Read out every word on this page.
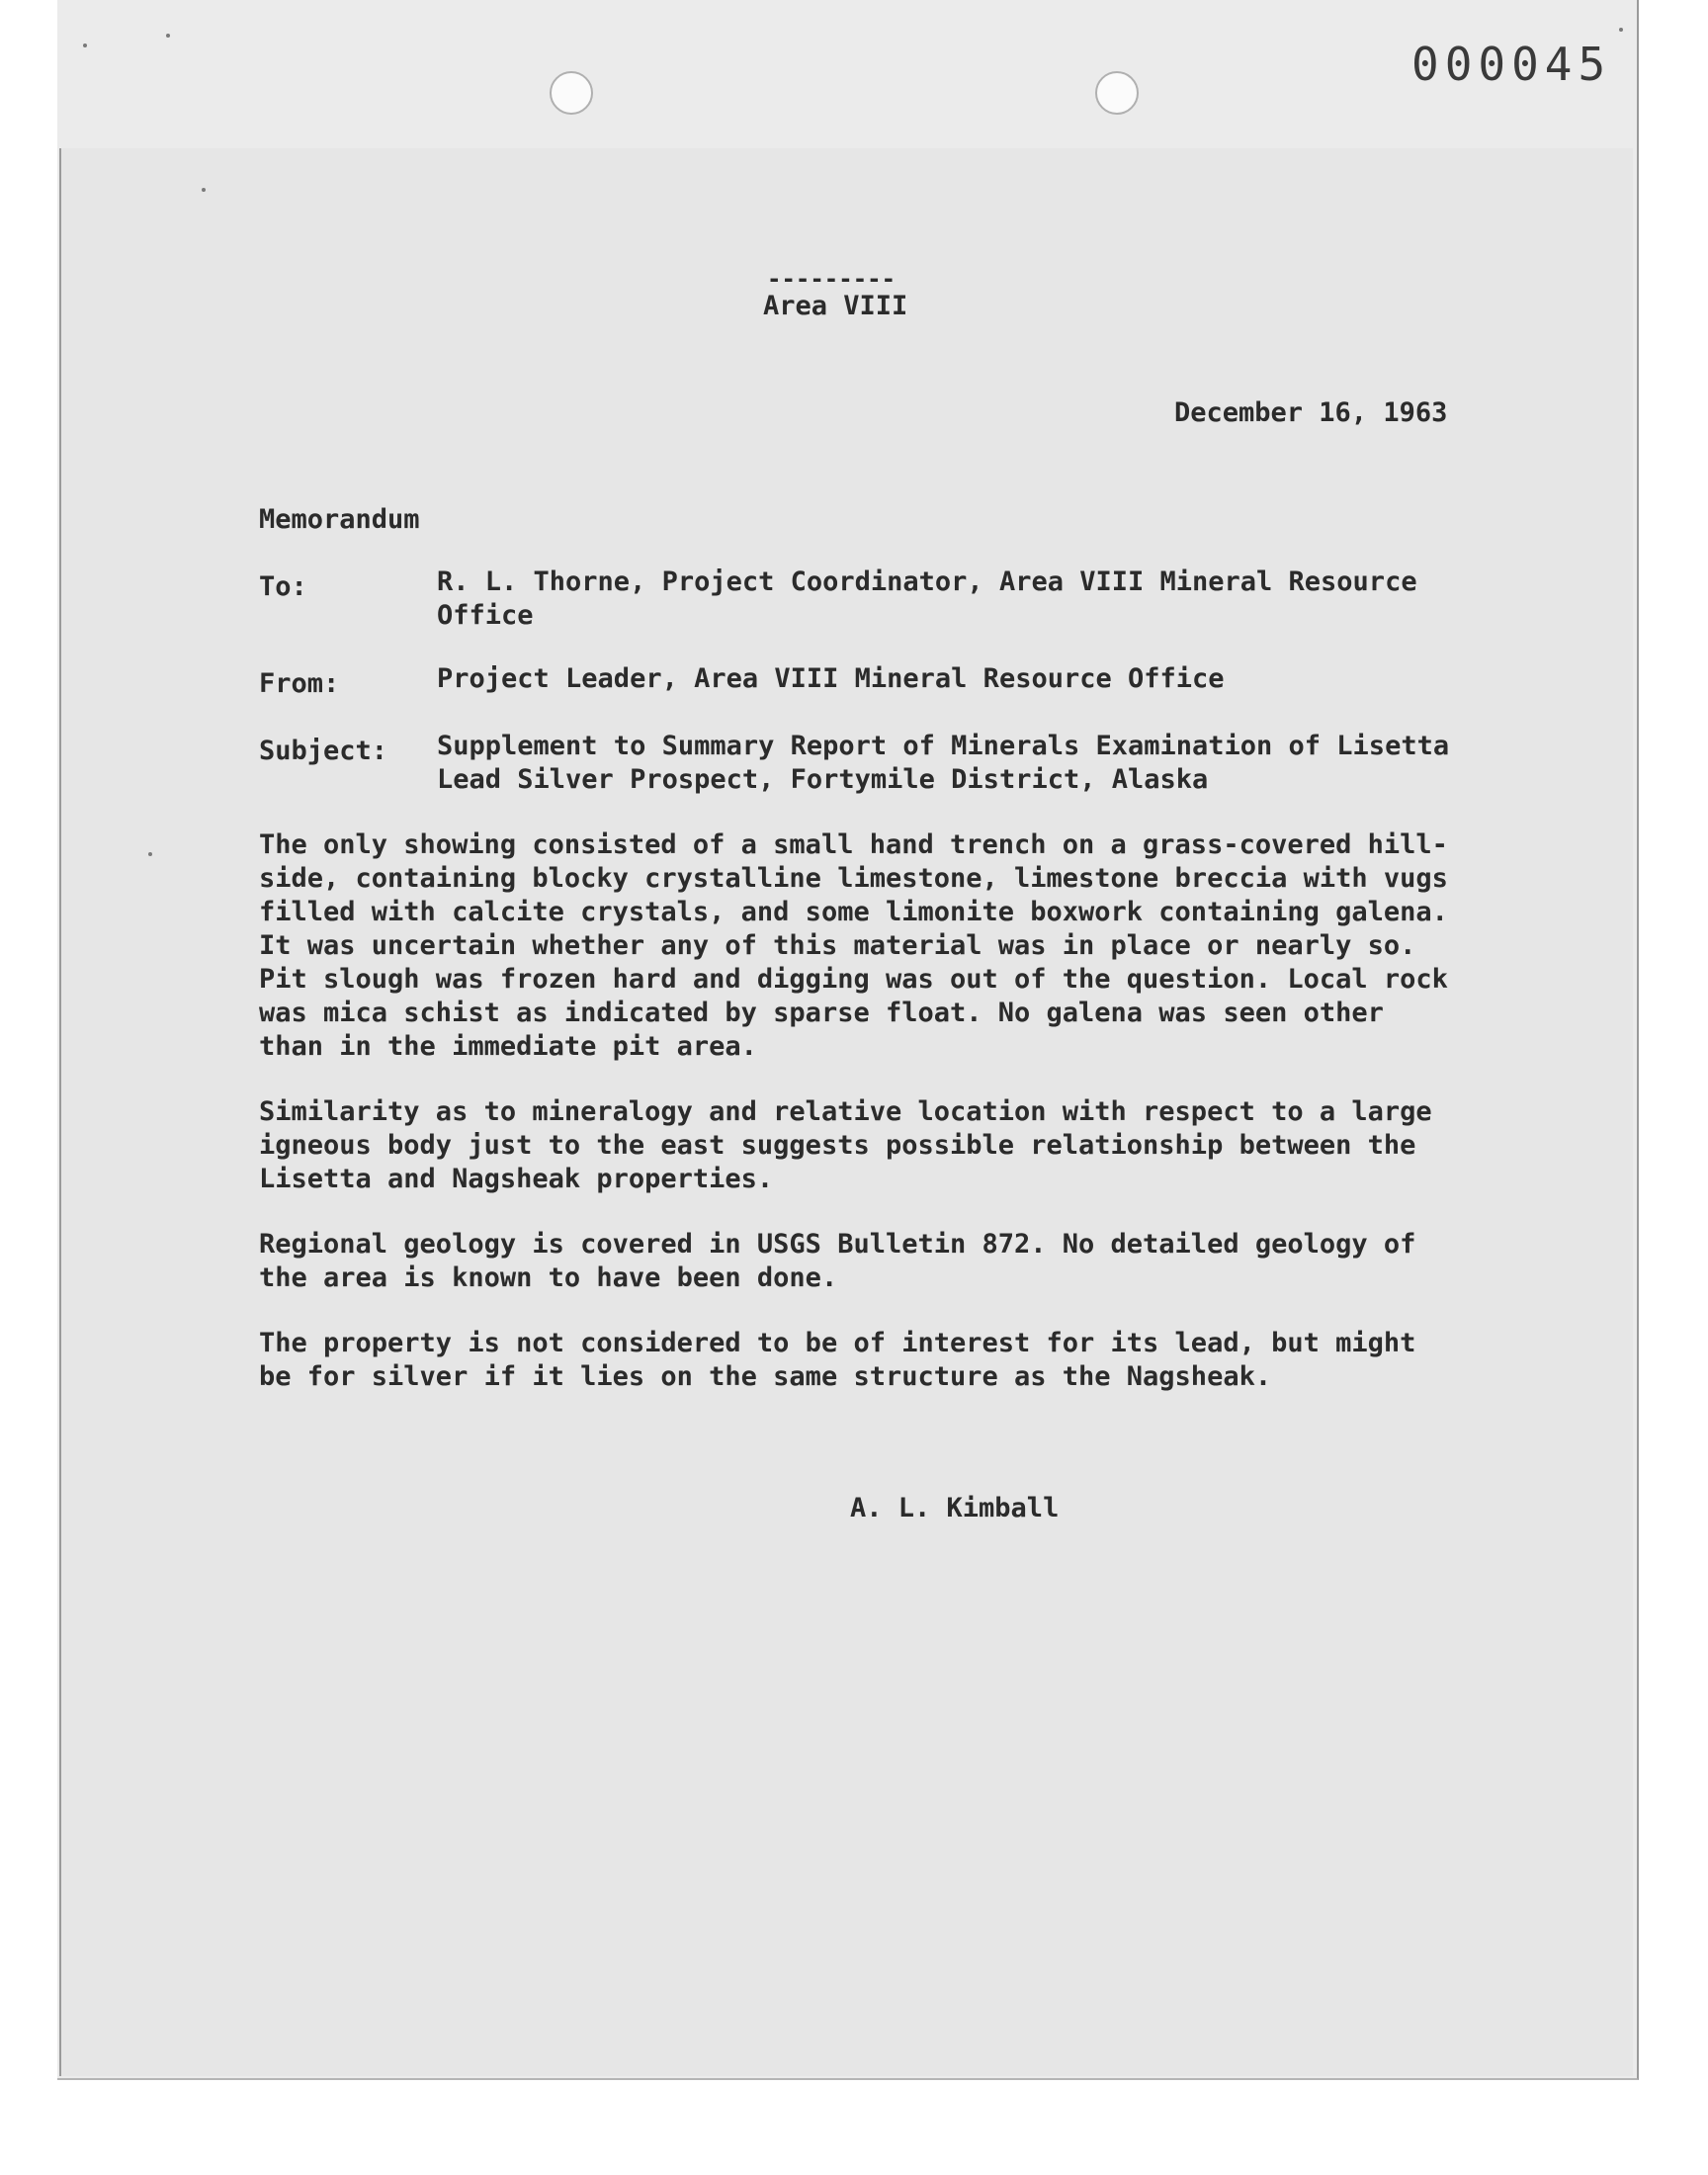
000045
---------
Area VIII
December 16, 1963
Memorandum
To:	R. L. Thorne, Project Coordinator, Area VIII Mineral Resource
Office
From:	Project Leader, Area VIII Mineral Resource Office
Subject: Supplement to Summary Report of Minerals Examination of Lisetta
Lead Silver Prospect, Fortymile District, Alaska
The only showing consisted of a small hand trench on a grass-covered hill-
side, containing blocky crystalline limestone, limestone breccia with vugs
filled with calcite crystals, and some limonite boxwork containing galena.
It was uncertain whether any of this material was in place or nearly so.
Pit slough was frozen hard and digging was out of the question. Local rock
was mica schist as indicated by sparse float. No galena was seen other
than in the immediate pit area.
Similarity as to mineralogy and relative location with respect to a large
igneous body just to the east suggests possible relationship between the
Lisetta and Nagsheak properties.
Regional geology is covered in USGS Bulletin 872. No detailed geology of
the area is known to have been done.
The property is not considered to be of interest for its lead, but might
be for silver if it lies on the same structure as the Nagsheak.
A. L. Kimball
